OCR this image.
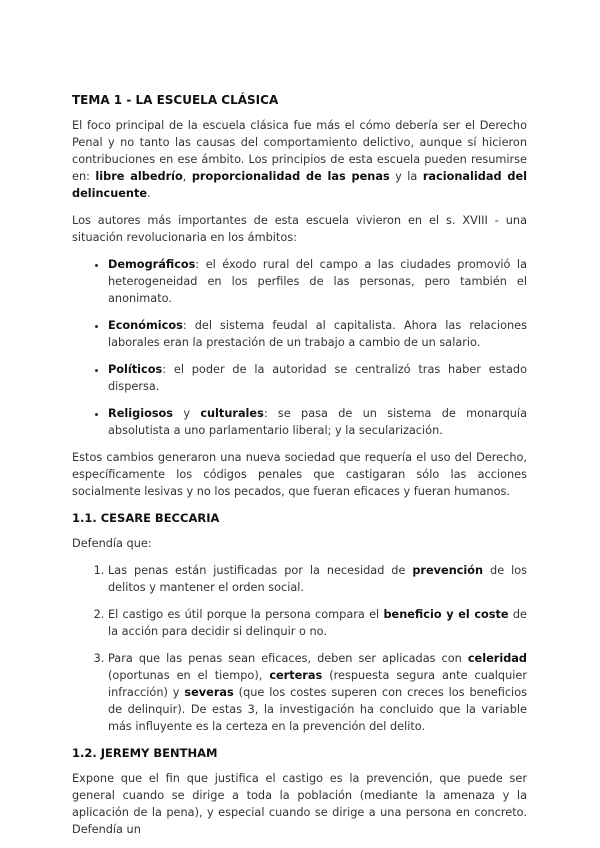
TEMA 1 - LA ESCUELA CLÁSICA

El foco principal de la escuela clásica fue más el cómo debería ser el Derecho Penal y no tanto las causas del comportamiento delictivo, aunque sí hicieron contribuciones en ese ámbito. Los principios de esta escuela pueden resumirse en: libre albedrío, proporcionalidad de las penas y la racionalidad del delincuente.

Los autores más importantes de esta escuela vivieron en el s. XVIII - una situación revolucionaria en los ámbitos:

• Demográficos: el éxodo rural del campo a las ciudades promovió la heterogeneidad en los perfiles de las personas, pero también el anonimato.
• Económicos: del sistema feudal al capitalista. Ahora las relaciones laborales eran la prestación de un trabajo a cambio de un salario.
• Políticos: el poder de la autoridad se centralizó tras haber estado dispersa.
• Religiosos y culturales: se pasa de un sistema de monarquía absolutista a uno parlamentario liberal; y la secularización.

Estos cambios generaron una nueva sociedad que requería el uso del Derecho, específicamente los códigos penales que castigaran sólo las acciones socialmente lesivas y no los pecados, que fueran eficaces y fueran humanos.

1.1. CESARE BECCARIA

Defendía que:

1. Las penas están justificadas por la necesidad de prevención de los delitos y mantener el orden social.
2. El castigo es útil porque la persona compara el beneficio y el coste de la acción para decidir si delinquir o no.
3. Para que las penas sean eficaces, deben ser aplicadas con celeridad (oportunas en el tiempo), certeras (respuesta segura ante cualquier infracción) y severas (que los costes superen con creces los beneficios de delinquir). De estas 3, la investigación ha concluido que la variable más influyente es la certeza en la prevención del delito.
1.2. JEREMY BENTHAM

Expone que el fin que justifica el castigo es la prevención, que puede ser general cuando se dirige a toda la población (mediante la amenaza y la aplicación de la pena), y especial cuando se dirige a una persona en concreto. Defendía un
